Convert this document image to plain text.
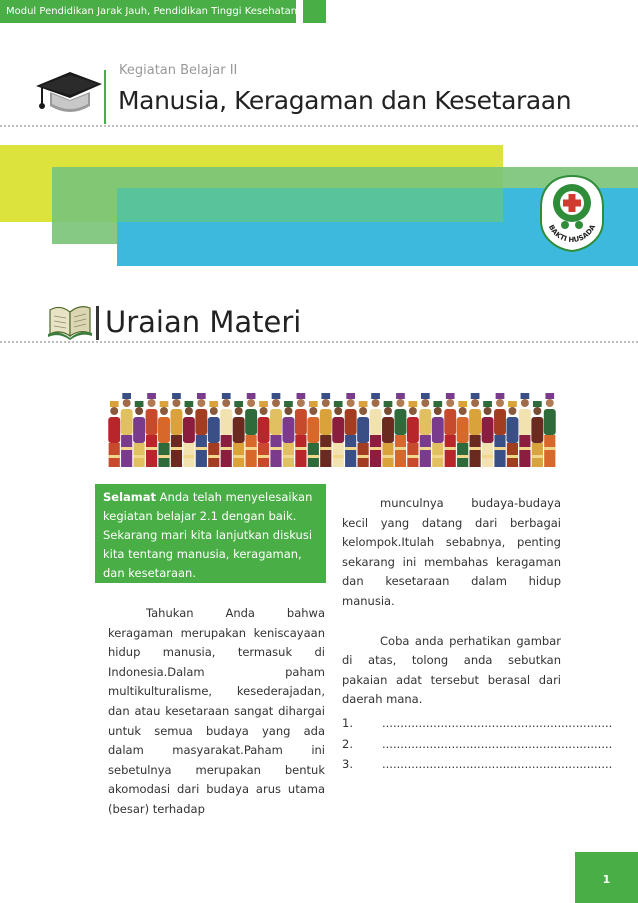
Modul Pendidikan Jarak Jauh, Pendidikan Tinggi Kesehatan
Kegiatan Belajar II
Manusia, Keragaman dan Kesetaraan
BAKTI HUSADA
Uraian Materi
Selamat Anda telah menyelesaikan kegiatan belajar 2.1 dengan baik. Sekarang mari kita lanjutkan diskusi kita tentang manusia, keragaman, dan kesetaraan.

Tahukan Anda bahwa keragaman merupakan keniscayaan hidup manusia, termasuk di Indonesia.Dalam paham multikulturalisme, kesederajadan, dan atau kesetaraan sangat dihargai untuk semua budaya yang ada dalam masyarakat.Paham ini sebetulnya merupakan bentuk akomodasi dari budaya arus utama (besar) terhadap

munculnya budaya-budaya kecil yang datang dari berbagai kelompok.Itulah sebabnya, penting sekarang ini membahas keragaman dan kesetaraan dalam hidup manusia.

Coba anda perhatikan gambar di atas, tolong anda sebutkan pakaian adat tersebut berasal dari daerah mana.

1.	...............................................................
2.	...............................................................
3.	...............................................................
1
